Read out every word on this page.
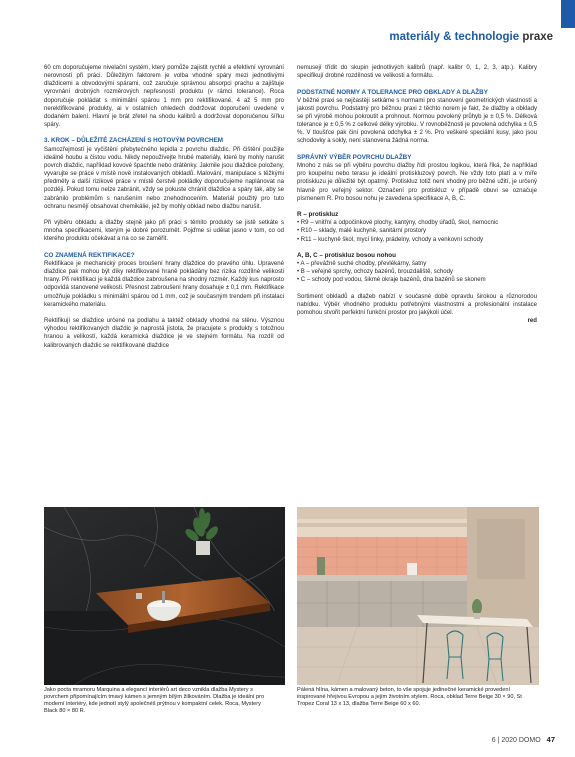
materiály & technologie praxe

60 cm doporučujeme nivelační systém, který pomůže zajistit rychlé a efektivní vyrovnání nerovností při práci. Důležitým faktorem je volba vhodné spáry mezi jednotlivými dlaždicemi a obvodovými spárami, což zaručuje správnou absorpci prachu a zajištuje vyrovnání drobných rozměrových nepřesností produktu (v rámci tolerance). Roca doporučuje pokládat s minimální spárou 1 mm pro rektifikované, 4 až 5 mm pro nerektifikované produkty, ai v ostatních ohledech dodržovat doporučení uvedené v dodaném balení. Hlavní je brát zřetel na shodu kalibrů a dodržovat doporučenou šířku spáry.

3. KROK – DŮLEŽITÉ ZACHÁZENÍ S HOTOVÝM POVRCHEM

Samozřejmostí je vyčištění přebytečného lepidla z povrchu dlaždic. Při čištění použijte ideálně houbu a čistou vodu. Nikdy nepoužívejte hrubé materiály, které by mohly narušit povrch dlaždic, například kovové špachtle nebo drátěnky. Jakmile jsou dlaždice položeny, vyvarujte se práce v místě nově instalovaných obkladů. Malování, manipulace s těžkými předměty a další rizikové práce v místě čerstvě pokládky doporučujeme naplánovat na později. Pokud tomu nelze zabránit, vždy se pokuste chránit dlaždice a spáry tak, aby se zabránilo problémům s narušením nebo znehodnocením. Materiál použitý pro tuto ochranu nesmějí obsahovat chemikálie, jež by mohly obklad nebo dlažbu narušit.

Při výběru obkladu a dlažby stejně jako při práci s těmito produkty se jistě setkáte s mnoha specifikacemi, kterým je dobré porozumět. Pojďme si udělat jasno v tom, co od kterého produktu očekávat a na co se zaměřit.

CO ZNAMENÁ REKTIFIKACE?

Rektifikace je mechanický proces broušení hrany dlaždice do pravého úhlu. Upravené dlaždice pak mohou být díky rektifikované hraně pokládány bez rizika rozdílné velikosti hrany. Při rektifikaci je každá dlaždice zabroušena na shodný rozměr. Každý kus naprosto odpovídá stanovené velikosti. Přesnost zabroušení hrany dosahuje ± 0,1 mm. Rektifikace umožňuje pokládku s minimální spárou od 1 mm, což je současným trendem při instalaci keramického materiálu.

Rektifikují se dlaždice určené na podlahu a taktéž obklady vhodné na stěnu. Výsznou výhodou rektifikovaných dlaždic je naprostá jistota, že pracujete s produkty s totožnou hranou a velikostí, každá keramická dlaždice je ve stejném formátu. Na rozdíl od kalibrovaných dlaždic se rektifikované dlaždice

nemusejí třídit do skupin jednotlivých kalibrů (např. kalibr 0, 1, 2, 3, atp.). Kalibry specifikují drobné rozdílnosti ve velikosti a formátu.

PODSTATNÉ NORMY A TOLERANCE PRO OBKLADY A DLAŽBY

V běžné praxi se nejčastěji setkáme s normami pro stanovení geometrických vlastností a jakosti povrchu. Podstatný pro běžnou praxi z těchto norem je fakt, že dlažby a obklady se při výrobě mohou pokroutit a prohnout. Normou povolený průhyb je ± 0,5 %. Délková tolerance je ± 0,5 % z celkové délky výrobku. V rovnoběžnosti je povolená odchylka ± 0,5 %. V tloušťce pak činí povolená odchylka ± 2 %. Pro veškeré speciální kusy, jako jsou schodovky a sokly, není stanovena žádná norma.

SPRÁVNÝ VÝBĚR POVRCHU DLAŽBY

Mnoho z nás se při výběru povrchu dlažby řídí prostou logikou, která říká, že například pro koupelnu nebo terasu je ideální protiskluzový povrch. Ne vždy toto platí a v míře protiskluzu je důležité být opatrný. Protiskluz totiž není vhodný pro běžné užití, je určený hlavně pro veřejný sektor. Označení pro protiskluz v případě obuvi se označuje písmenem R. Pro bosou nohu je zavedena specifikace A, B, C.

R – protiskluz
• R9 – vnitřní a odpočinkové plochy, kantýny, chodby úřadů, škol, nemocnic
• R10 – sklady, malé kuchyně, sanitární prostory
• R11 – kuchyně škol, mycí linky, prádelny, vchody a venkovní schody
A, B, C – protiskluz bosou nohou
• A – převážně suché chodby, převlékárny, šatny
• B – veřejné sprchy, ochozy bazénů, brouzdaliště, schody
• C – schody pod vodou, šikmé okraje bazénů, dna bazénů se skonem

Sortiment obkladů a dlažeb nabízí v současné době opravdu širokou a různorodou nabídku. Výběr vhodného produktu potřebnými vlastnostmi a profesionální instalace pomohou stvořit perfektní funkční prostor pro jakýkoli účel.

red
Jako pocta mramoru Marquina a elegancí interiérů art deco vznikla dlažba Mystery s povrchem připomínajícím tmavý kámen s jemným bílým žilkováním. Dlažba je ideální pro moderní interiéry, kde jednotí stylý společnéš prýtnou v kompaktní celek. Roca, Mystery Black 80 × 80 R.
Pálená hlína, kámen a malovaný beton, to vše spojuje jedinečné keramické provedení inspirované hřejivou Evropou a jejím životním stylem. Roca, obklad Terre Beige 30 × 90, St Tropez Coral 13 x 13, dlažba Terre Beige 60 x 60.
6 | 2020 DOMO 47
